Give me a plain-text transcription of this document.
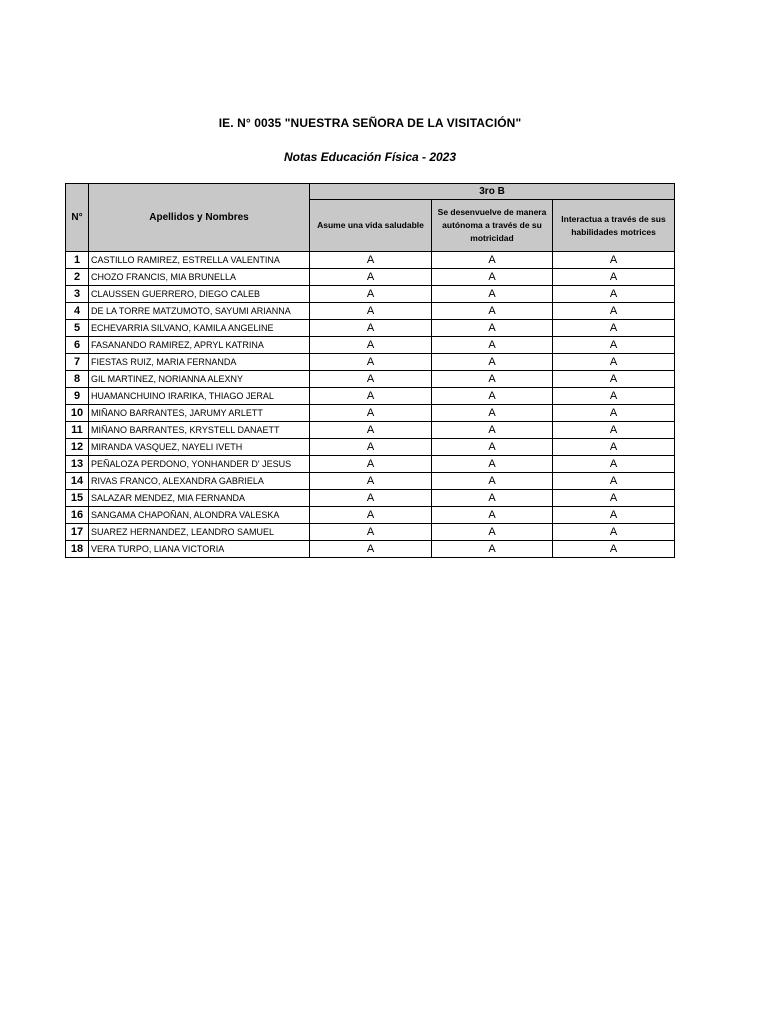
IE. N° 0035 "NUESTRA SEÑORA DE LA VISITACIÓN"
Notas Educación Física - 2023
N°	Apellidos y Nombres	3ro B		
		Asume una vida saludable	Se desenvuelve de manera autónoma a través de su motricidad	Interactua a través de sus habilidades motrices
1	CASTILLO RAMIREZ, ESTRELLA VALENTINA	A	A	A
2	CHOZO FRANCIS, MIA BRUNELLA	A	A	A
3	CLAUSSEN GUERRERO, DIEGO CALEB	A	A	A
4	DE LA TORRE MATZUMOTO, SAYUMI ARIANNA	A	A	A
5	ECHEVARRIA SILVANO, KAMILA ANGELINE	A	A	A
6	FASANANDO RAMIREZ, APRYL KATRINA	A	A	A
7	FIESTAS RUIZ, MARIA FERNANDA	A	A	A
8	GIL MARTINEZ, NORIANNA ALEXNY	A	A	A
9	HUAMANCHUINO IRARIKA, THIAGO JERAL	A	A	A
10	MIÑANO BARRANTES, JARUMY ARLETT	A	A	A
11	MIÑANO BARRANTES, KRYSTELL DANAETT	A	A	A
12	MIRANDA VASQUEZ, NAYELI IVETH	A	A	A
13	PEÑALOZA PERDONO, YONHANDER D' JESUS	A	A	A
14	RIVAS FRANCO, ALEXANDRA GABRIELA	A	A	A
15	SALAZAR MENDEZ, MIA FERNANDA	A	A	A
16	SANGAMA CHAPOÑAN, ALONDRA VALESKA	A	A	A
17	SUAREZ HERNANDEZ, LEANDRO SAMUEL	A	A	A
18	VERA TURPO, LIANA VICTORIA	A	A	A
